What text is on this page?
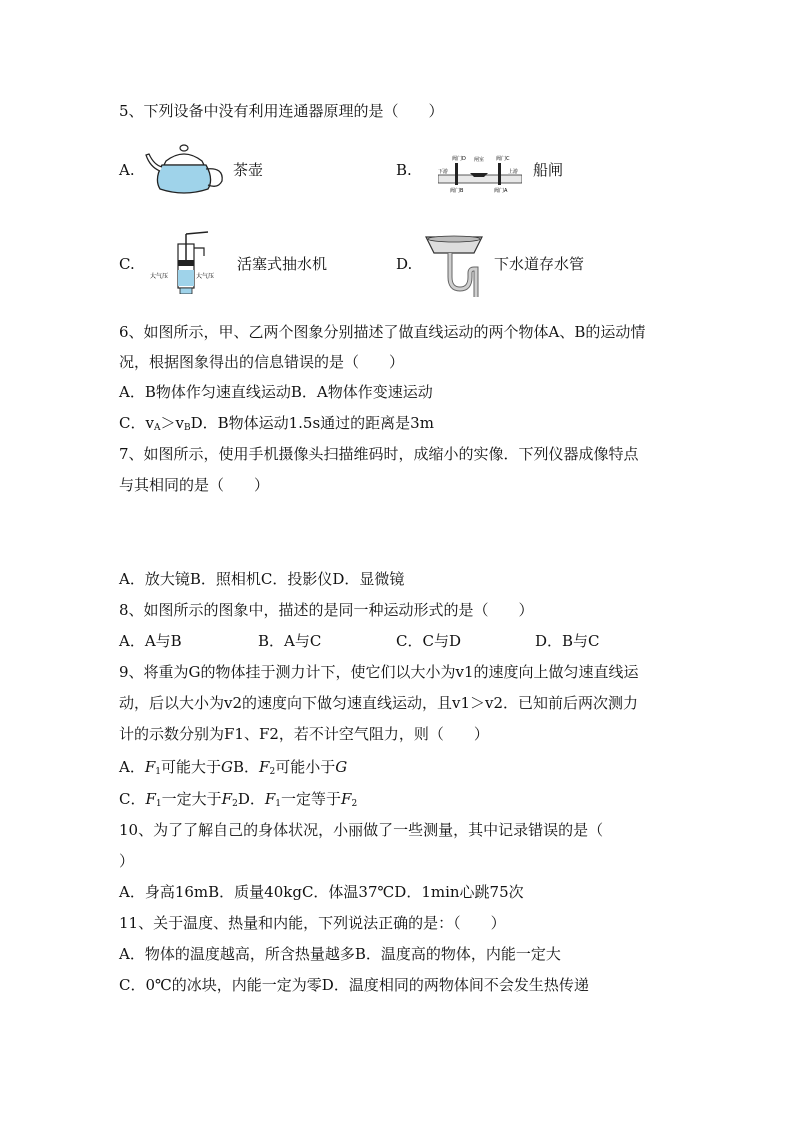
5、下列设备中没有利用连通器原理的是（　　）
A.	茶壶	B.
阀门D 闸室 阀门C
下游	上游
阀门B	阀门A
船闸
C.
大气压	大气压
活塞式抽水机	D.	下水道存水管
6、如图所示，甲、乙两个图象分别描述了做直线运动的两个物体A、B的运动情
况，根据图象得出的信息错误的是（　　）
A．B物体作匀速直线运动B．A物体作变速运动
C．$v_A>v_BD$．B物体运动1.5s通过的距离是3m
7、如图所示，使用手机摄像头扫描维码时，成缩小的实像．下列仪器成像特点
与其相同的是（　　）
A．放大镜B．照相机C．投影仪D．显微镜
8、如图所示的图象中，描述的是同一种运动形式的是（　　）
A．A与B	B．A与C	C．C与D	D．B与C
9、将重为G的物体挂于测力计下，使它们以大小为v1的速度向上做匀速直线运
动，后以大小为v2的速度向下做匀速直线运动，且v1＞v2．已知前后两次测力
计的示数分别为F1、F2，若不计空气阻力，则（　　）
A．$F_1$可能大于GB．$F_2$可能小于G
C．$F_1$一定大于$F_2D$．$F_1$一定等于$F_2$
10、为了了解自己的身体状况，小丽做了一些测量，其中记录错误的是（
）
A．身高16mB．质量40kgC．体温37℃D．1min心跳75次
11、关于温度、热量和内能，下列说法正确的是：（　　）
A．物体的温度越高，所含热量越多B．温度高的物体，内能一定大
C．0℃的冰块，内能一定为零D．温度相同的两物体间不会发生热传递
